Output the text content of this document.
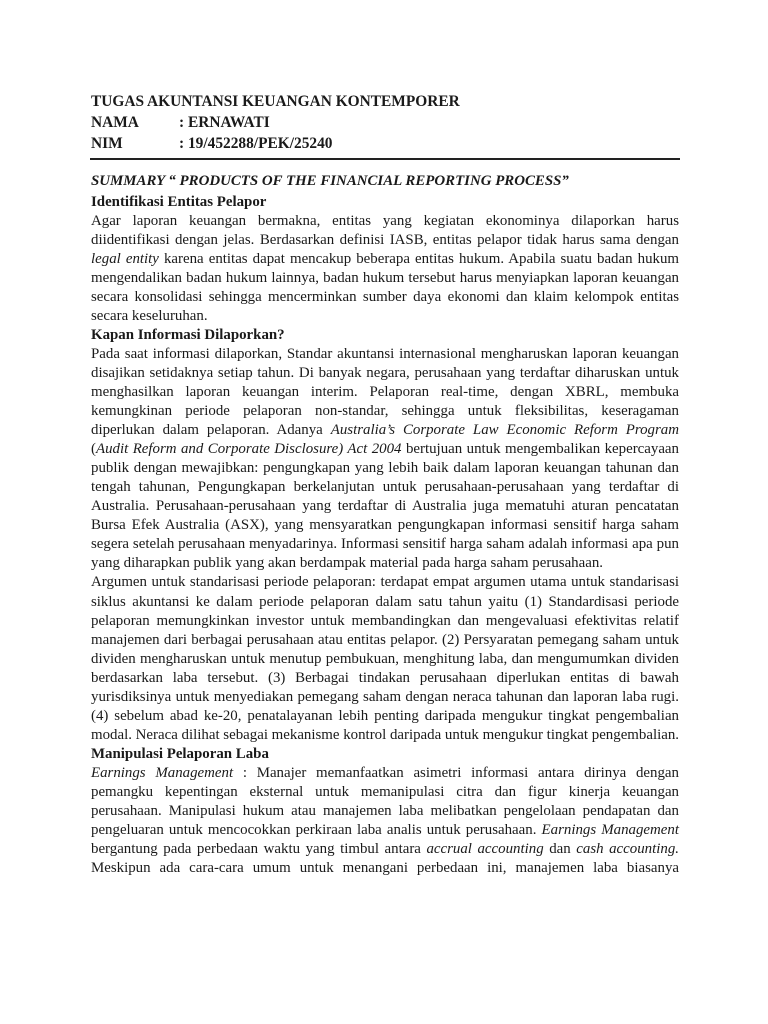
TUGAS AKUNTANSI KEUANGAN KONTEMPORER
NAMA	: ERNAWATI
NIM	: 19/452288/PEK/25240

SUMMARY “ PRODUCTS OF THE FINANCIAL REPORTING PROCESS”

Identifikasi Entitas Pelapor

Agar laporan keuangan bermakna, entitas yang kegiatan ekonominya dilaporkan harus diidentifikasi dengan jelas. Berdasarkan definisi IASB, entitas pelapor tidak harus sama dengan legal entity karena entitas dapat mencakup beberapa entitas hukum. Apabila suatu badan hukum mengendalikan badan hukum lainnya, badan hukum tersebut harus menyiapkan laporan keuangan secara konsolidasi sehingga mencerminkan sumber daya ekonomi dan klaim kelompok entitas secara keseluruhan.

Kapan Informasi Dilaporkan?

Pada saat informasi dilaporkan, Standar akuntansi internasional mengharuskan laporan keuangan disajikan setidaknya setiap tahun. Di banyak negara, perusahaan yang terdaftar diharuskan untuk menghasilkan laporan keuangan interim. Pelaporan real-time, dengan XBRL, membuka kemungkinan periode pelaporan non-standar, sehingga untuk fleksibilitas, keseragaman diperlukan dalam pelaporan. Adanya Australia’s Corporate Law Economic Reform Program (Audit Reform and Corporate Disclosure) Act 2004 bertujuan untuk mengembalikan kepercayaan publik dengan mewajibkan: pengungkapan yang lebih baik dalam laporan keuangan tahunan dan tengah tahunan, Pengungkapan berkelanjutan untuk perusahaan-perusahaan yang terdaftar di Australia. Perusahaan-perusahaan yang terdaftar di Australia juga mematuhi aturan pencatatan Bursa Efek Australia (ASX), yang mensyaratkan pengungkapan informasi sensitif harga saham segera setelah perusahaan menyadarinya. Informasi sensitif harga saham adalah informasi apa pun yang diharapkan publik yang akan berdampak material pada harga saham perusahaan.

Argumen untuk standarisasi periode pelaporan: terdapat empat argumen utama untuk standarisasi siklus akuntansi ke dalam periode pelaporan dalam satu tahun yaitu (1) Standardisasi periode pelaporan memungkinkan investor untuk membandingkan dan mengevaluasi efektivitas relatif manajemen dari berbagai perusahaan atau entitas pelapor. (2) Persyaratan pemegang saham untuk dividen mengharuskan untuk menutup pembukuan, menghitung laba, dan mengumumkan dividen berdasarkan laba tersebut. (3) Berbagai tindakan perusahaan diperlukan entitas di bawah yurisdiksinya untuk menyediakan pemegang saham dengan neraca tahunan dan laporan laba rugi. (4) sebelum abad ke-20, penatalayanan lebih penting daripada mengukur tingkat pengembalian modal. Neraca dilihat sebagai mekanisme kontrol daripada untuk mengukur tingkat pengembalian.

Manipulasi Pelaporan Laba

Earnings Management : Manajer memanfaatkan asimetri informasi antara dirinya dengan pemangku kepentingan eksternal untuk memanipulasi citra dan figur kinerja keuangan perusahaan. Manipulasi hukum atau manajemen laba melibatkan pengelolaan pendapatan dan pengeluaran untuk mencocokkan perkiraan laba analis untuk perusahaan. Earnings Management bergantung pada perbedaan waktu yang timbul antara accrual accounting dan cash accounting. Meskipun ada cara-cara umum untuk menangani perbedaan ini, manajemen laba biasanya
